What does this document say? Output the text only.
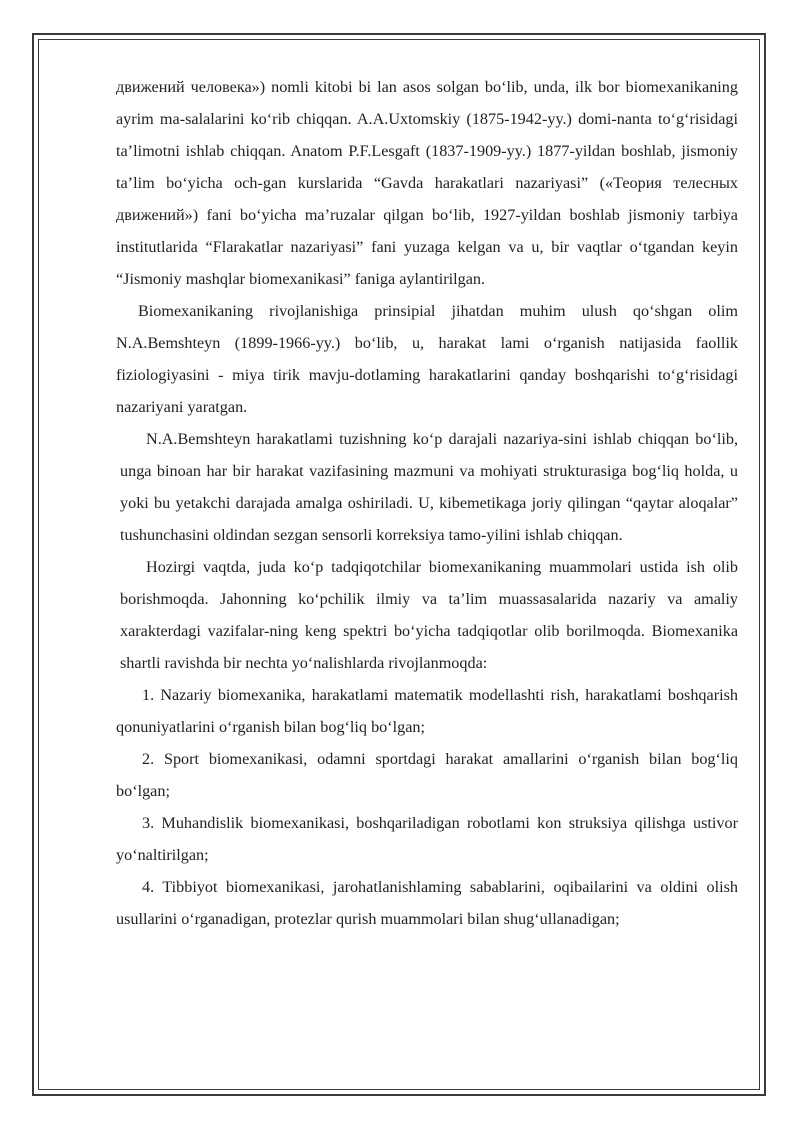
движений человека») nomli kitobi bi lan asos solgan bo‘lib, unda, ilk bor biomexanikaning ayrim ma-salalarini ko‘rib chiqqan. A.A.Uxtomskiy (1875-1942-yy.) domi-nanta to‘g‘risidagi ta’limotni ishlab chiqqan. Anatom P.F.Lesgaft (1837-1909-yy.) 1877-yildan boshlab, jismoniy ta’lim bo‘yicha och-gan kurslarida “Gavda harakatlari nazariyasi” («Теория телесных движений») fani bo‘yicha ma’ruzalar qilgan bo‘lib, 1927-yildan boshlab jismoniy tarbiya institutlarida “Flarakatlar nazariyasi” fani yuzaga kelgan va u, bir vaqtlar o‘tgandan keyin “Jismoniy mashqlar biomexanikasi” faniga aylantirilgan.

Biomexanikaning rivojlanishiga prinsipial jihatdan muhim ulush qo‘shgan olim N.A.Bemshteyn (1899-1966-yy.) bo‘lib, u, harakat lami o‘rganish natijasida faollik fiziologiyasini - miya tirik mavju-dotlaming harakatlarini qanday boshqarishi to‘g‘risidagi nazariyani yaratgan.

N.A.Bemshteyn harakatlami tuzishning ko‘p darajali nazariya-sini ishlab chiqqan bo‘lib, unga binoan har bir harakat vazifasining mazmuni va mohiyati strukturasiga bog‘liq holda, u yoki bu yetakchi darajada amalga oshiriladi. U, kibemetikaga joriy qilingan “qaytar aloqalar” tushunchasini oldindan sezgan sensorli korreksiya tamo-yilini ishlab chiqqan.

Hozirgi vaqtda, juda ko‘p tadqiqotchilar biomexanikaning muammolari ustida ish olib borishmoqda. Jahonning ko‘pchilik ilmiy va ta’lim muassasalarida nazariy va amaliy xarakterdagi vazifalar-ning keng spektri bo‘yicha tadqiqotlar olib borilmoqda. Biomexanika shartli ravishda bir nechta yo‘nalishlarda rivojlanmoqda:

1. Nazariy biomexanika, harakatlami matematik modellashti rish, harakatlami boshqarish qonuniyatlarini o‘rganish bilan bog‘liq bo‘lgan;

2. Sport biomexanikasi, odamni sportdagi harakat amallarini o‘rganish bilan bog‘liq bo‘lgan;

3. Muhandislik biomexanikasi, boshqariladigan robotlami kon struksiya qilishga ustivor yo‘naltirilgan;

4. Tibbiyot biomexanikasi, jarohatlanishlaming sabablarini, oqibailarini va oldini olish usullarini o‘rganadigan, protezlar qurish muammolari bilan shug‘ullanadigan;
